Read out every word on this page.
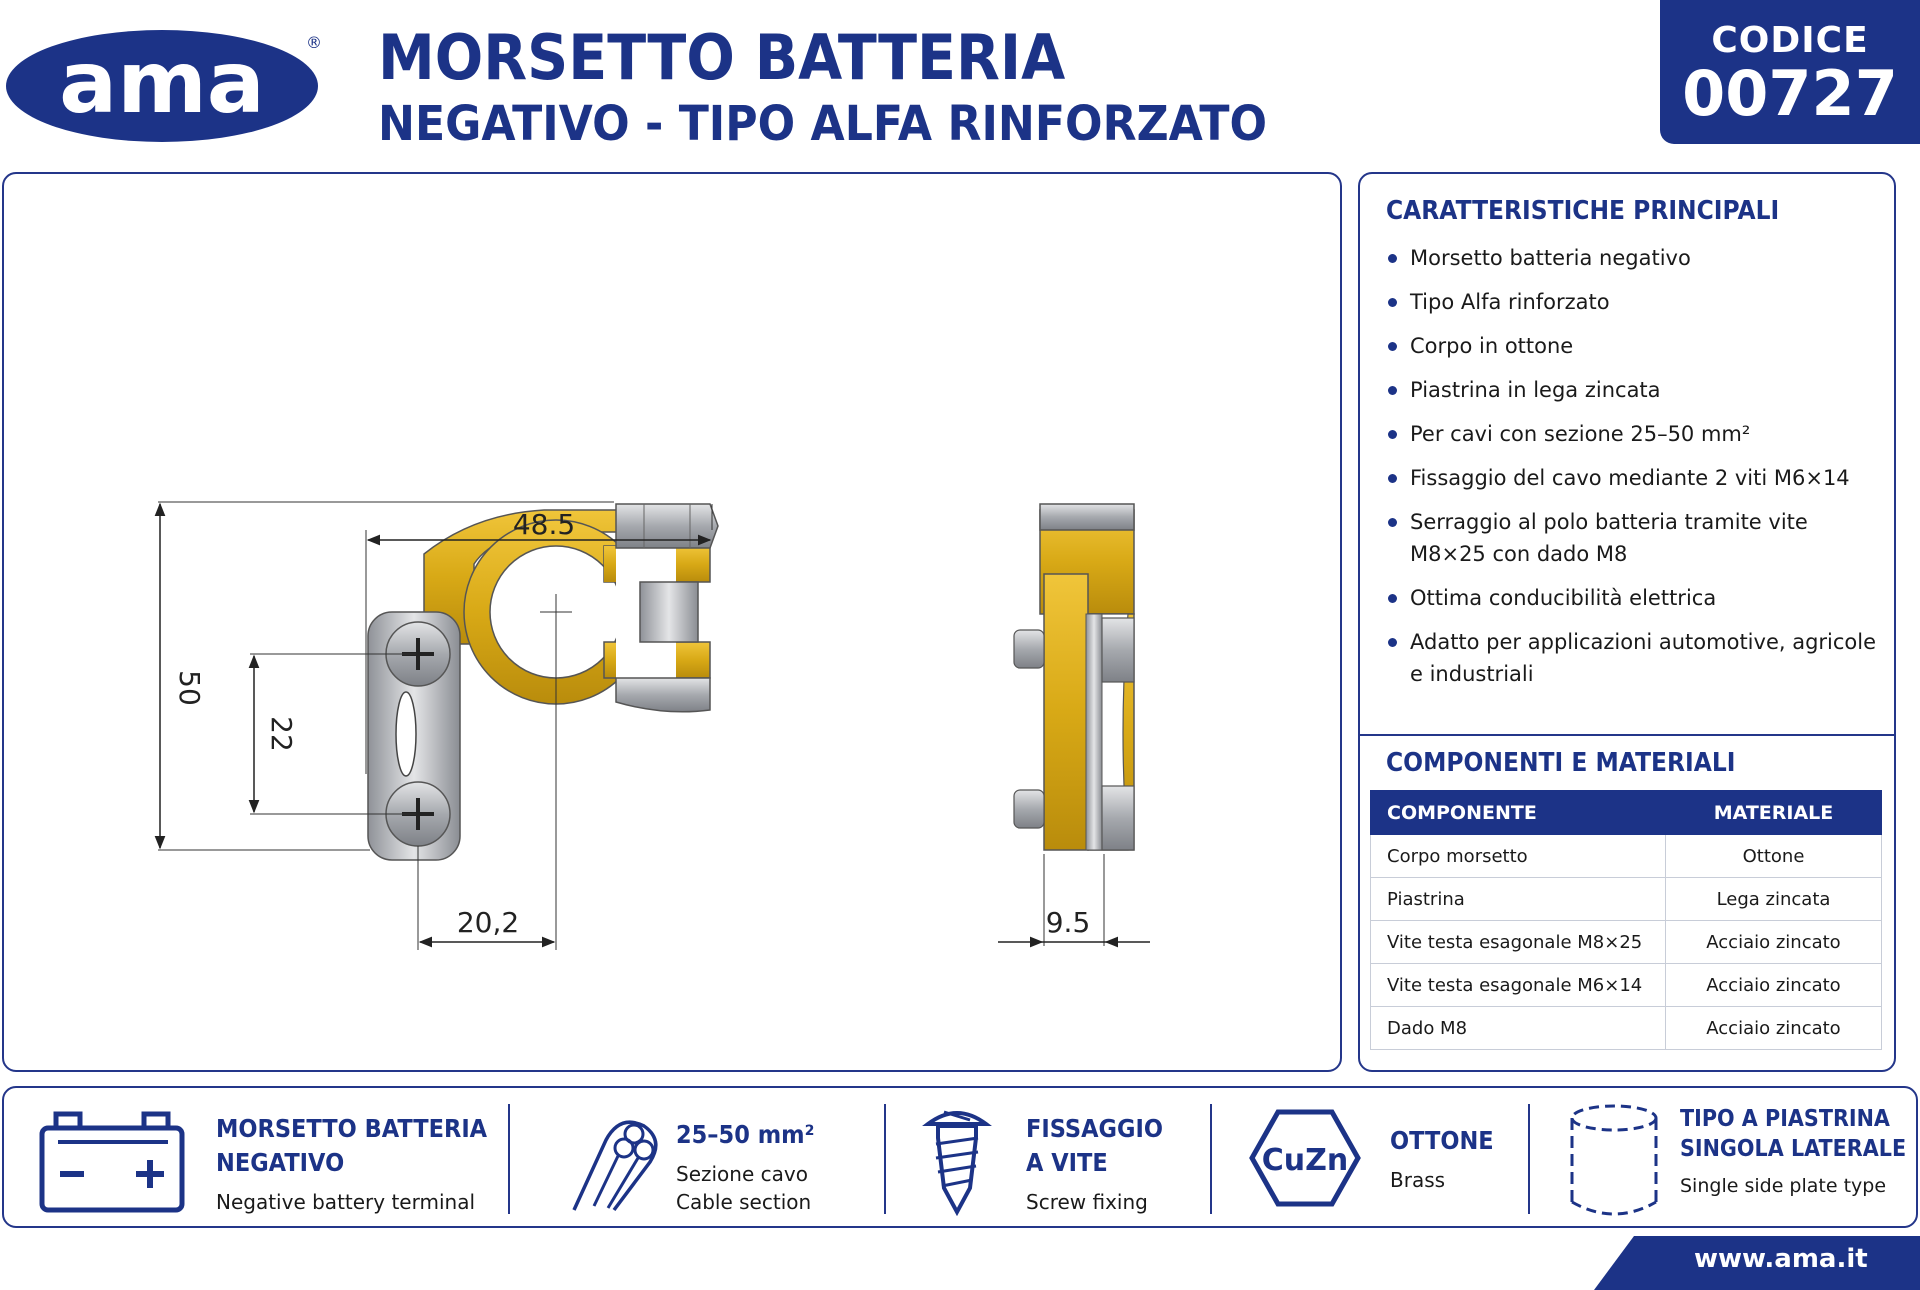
ama	® MORSETTO BATTERIA
NEGATIVO - TIPO ALFA RINFORZATO
CODICE
00727
48.5
50
22
20,2	9.5
CARATTERISTICHE PRINCIPALI
Morsetto batteria negativo
Tipo Alfa rinforzato
Corpo in ottone
Piastrina in lega zincata
Per cavi con sezione 25–50 mm²
Fissaggio del cavo mediante 2 viti M6×14
Serraggio al polo batteria tramite vite M8×25 con dado M8
Ottima conducibilità elettrica
Adatto per applicazioni automotive, agricole e industriali
COMPONENTI E MATERIALI
COMPONENTE	MATERIALE
Corpo morsetto	Ottone
Piastrina	Lega zincata
Vite testa esagonale M8×25	Acciaio zincato
Vite testa esagonale M6×14	Acciaio zincato
Dado M8	Acciaio zincato
MORSETTO BATTERIA
NEGATIVO
Negative battery terminal
25–50 mm²
Sezione cavo
Cable section
FISSAGGIO
A VITE
Screw fixing
CuZn
OTTONE
Brass
TIPO A PIASTRINA
SINGOLA LATERALE
Single side plate type
www.ama.it
